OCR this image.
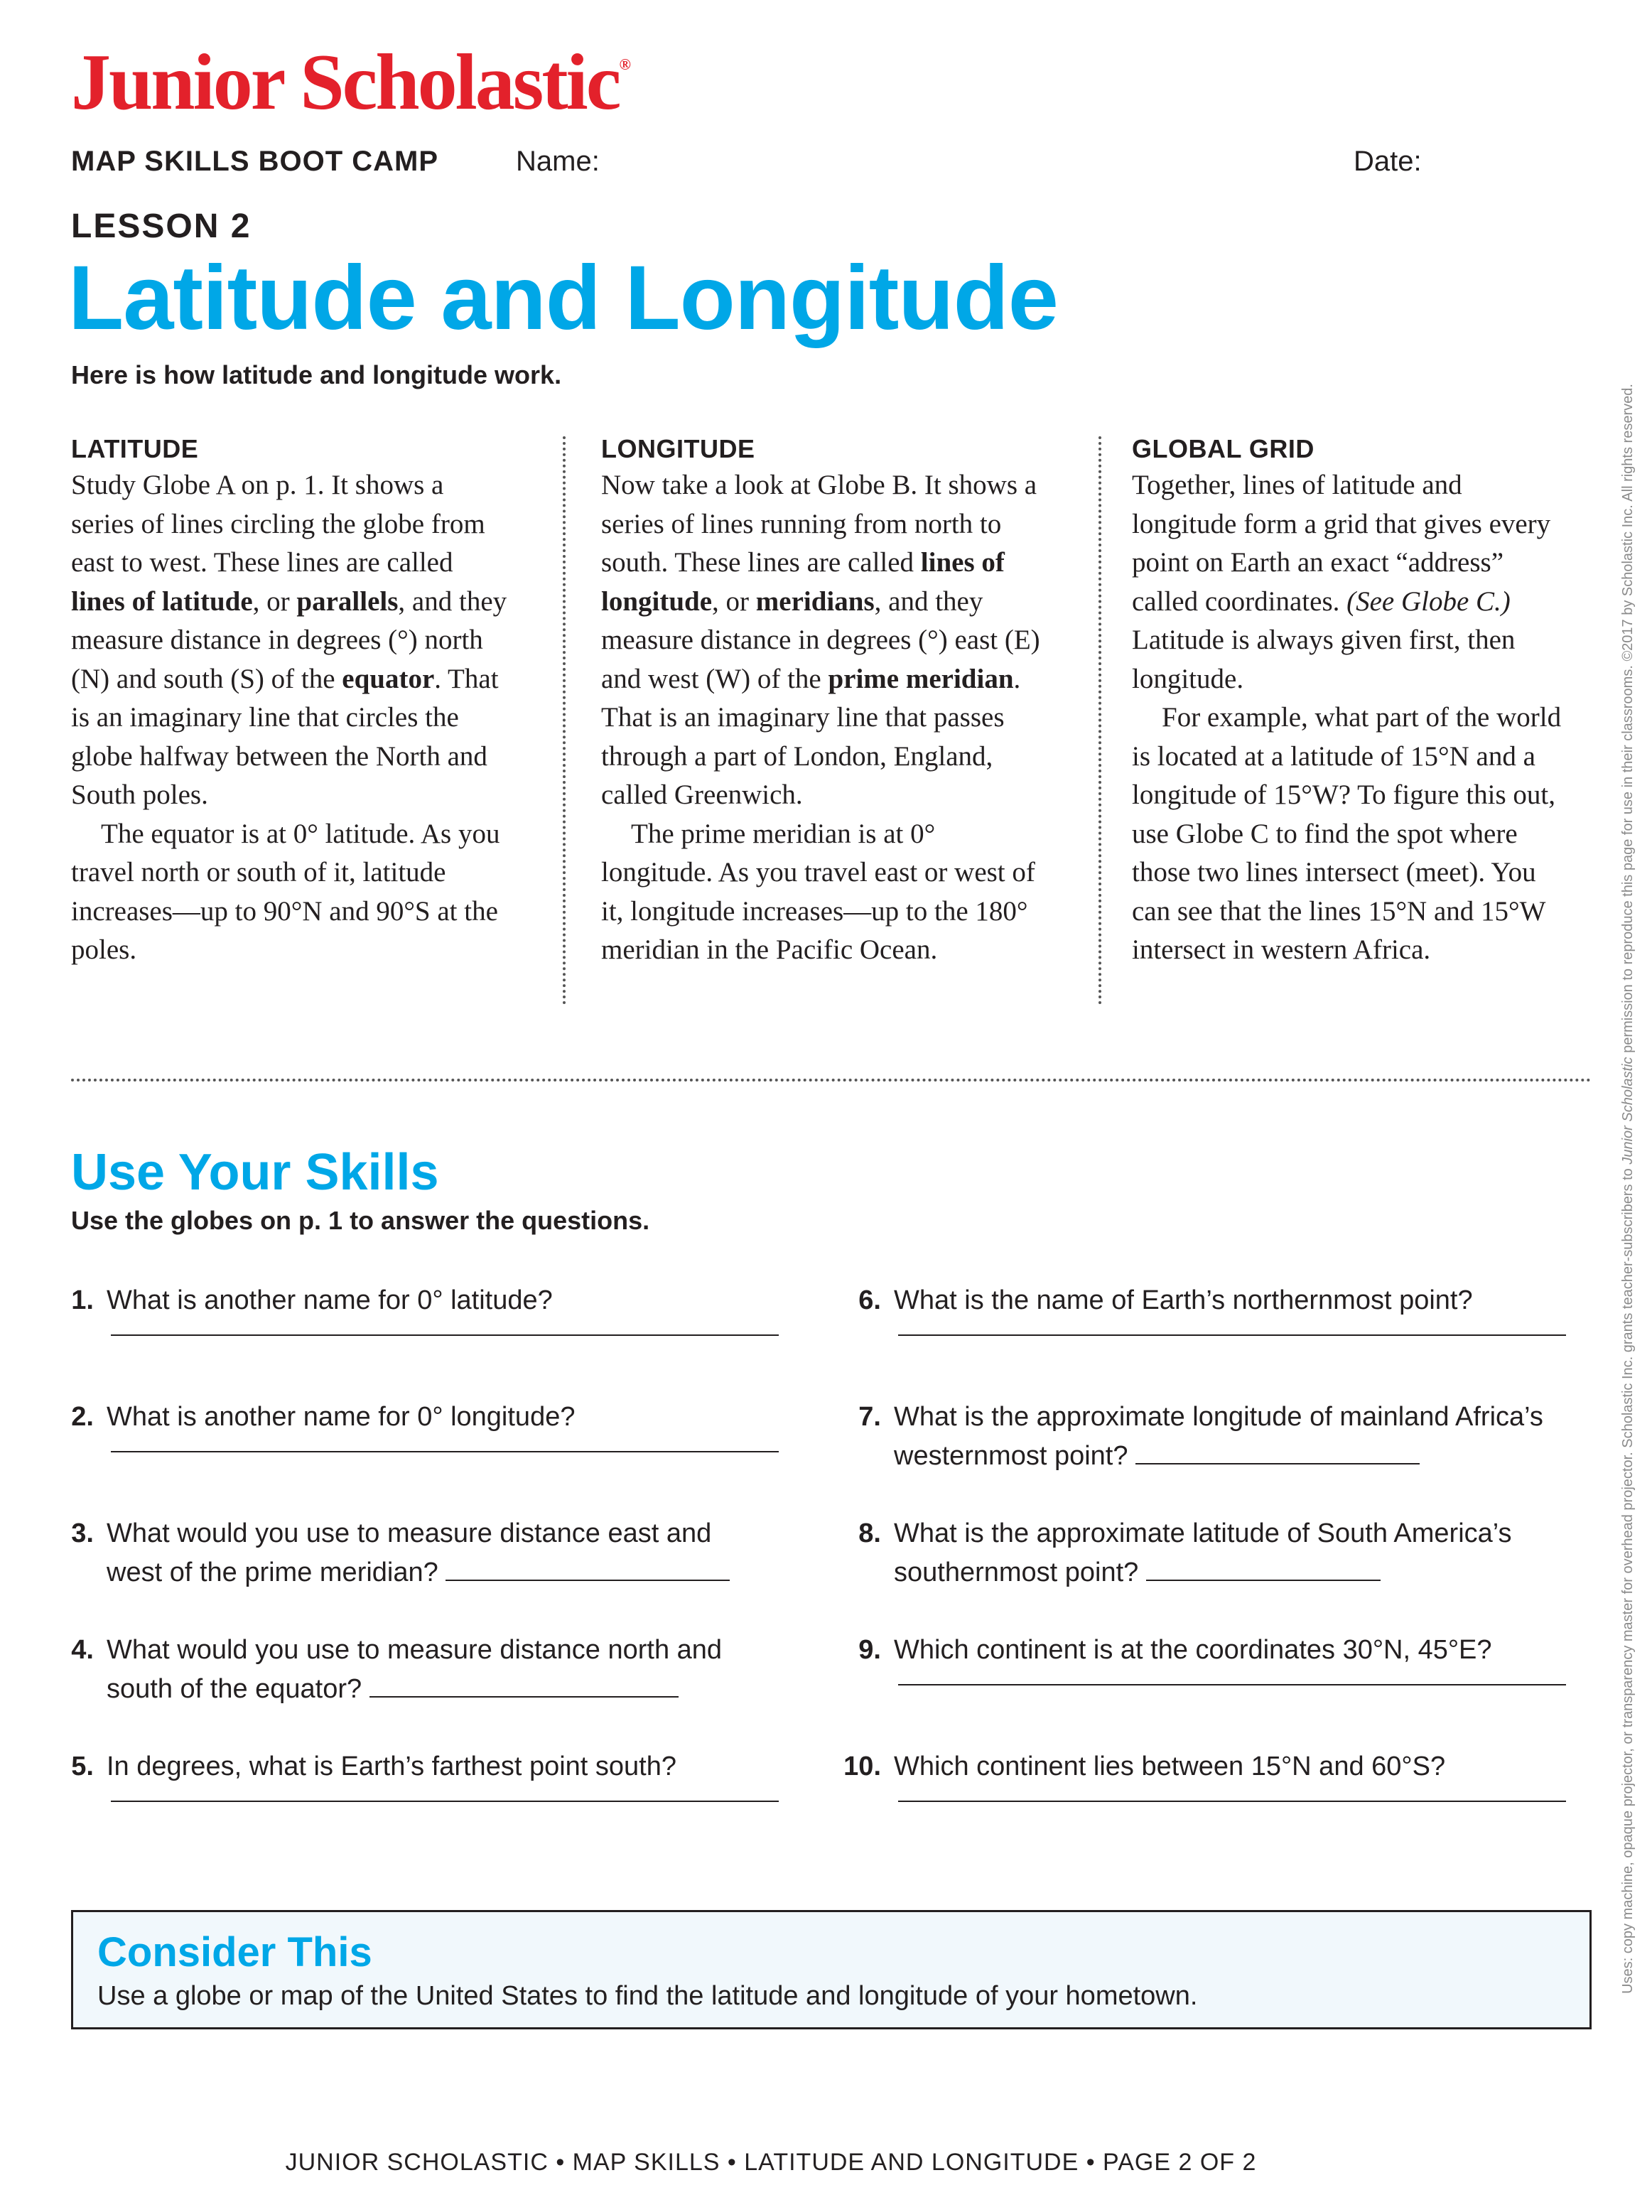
Junior Scholastic®
MAP SKILLS BOOT CAMP	Name:	Date:
LESSON 2
Latitude and Longitude
Here is how latitude and longitude work.
LATITUDE

Study Globe A on p. 1. It shows a series of lines circling the globe from east to west. These lines are called lines of latitude, or parallels, and they measure distance in degrees (°) north (N) and south (S) of the equator. That is an imaginary line that circles the globe halfway between the North and South poles.

The equator is at 0° latitude. As you travel north or south of it, latitude increases—up to 90°N and 90°S at the poles.

LONGITUDE

Now take a look at Globe B. It shows a series of lines running from north to south. These lines are called lines of longitude, or meridians, and they measure distance in degrees (°) east (E) and west (W) of the prime meridian. That is an imaginary line that passes through a part of London, England, called Greenwich.

The prime meridian is at 0° longitude. As you travel east or west of it, longitude increases—up to the 180° meridian in the Pacific Ocean.

GLOBAL GRID

Together, lines of latitude and longitude form a grid that gives every point on Earth an exact “address” called coordinates. (See Globe C.) Latitude is always given first, then longitude.

For example, what part of the world is located at a latitude of 15°N and a longitude of 15°W? To figure this out, use Globe C to find the spot where those two lines intersect (meet). You can see that the lines 15°N and 15°W intersect in western Africa.

Use Your Skills
Use the globes on p. 1 to answer the questions.
1. What is another name for 0° latitude?
2. What is another name for 0° longitude?
3. What would you use to measure distance east and west of the prime meridian?
4. What would you use to measure distance north and south of the equator?
5. In degrees, what is Earth’s farthest point south?
6. What is the name of Earth’s northernmost point?
7. What is the approximate longitude of mainland Africa’s westernmost point?
8. What is the approximate latitude of South America’s southernmost point?
9. Which continent is at the coordinates 30°N, 45°E?
10. Which continent lies between 15°N and 60°S?
Consider This
Use a globe or map of the United States to find the latitude and longitude of your hometown.
JUNIOR SCHOLASTIC • MAP SKILLS • LATITUDE AND LONGITUDE • PAGE 2 OF 2
Uses: copy machine, opaque projector, or transparency master for overhead projector. Scholastic Inc. grants teacher-subscribers to Junior Scholastic permission to reproduce this page for use in their classrooms. ©2017 by Scholastic Inc. All rights reserved.
